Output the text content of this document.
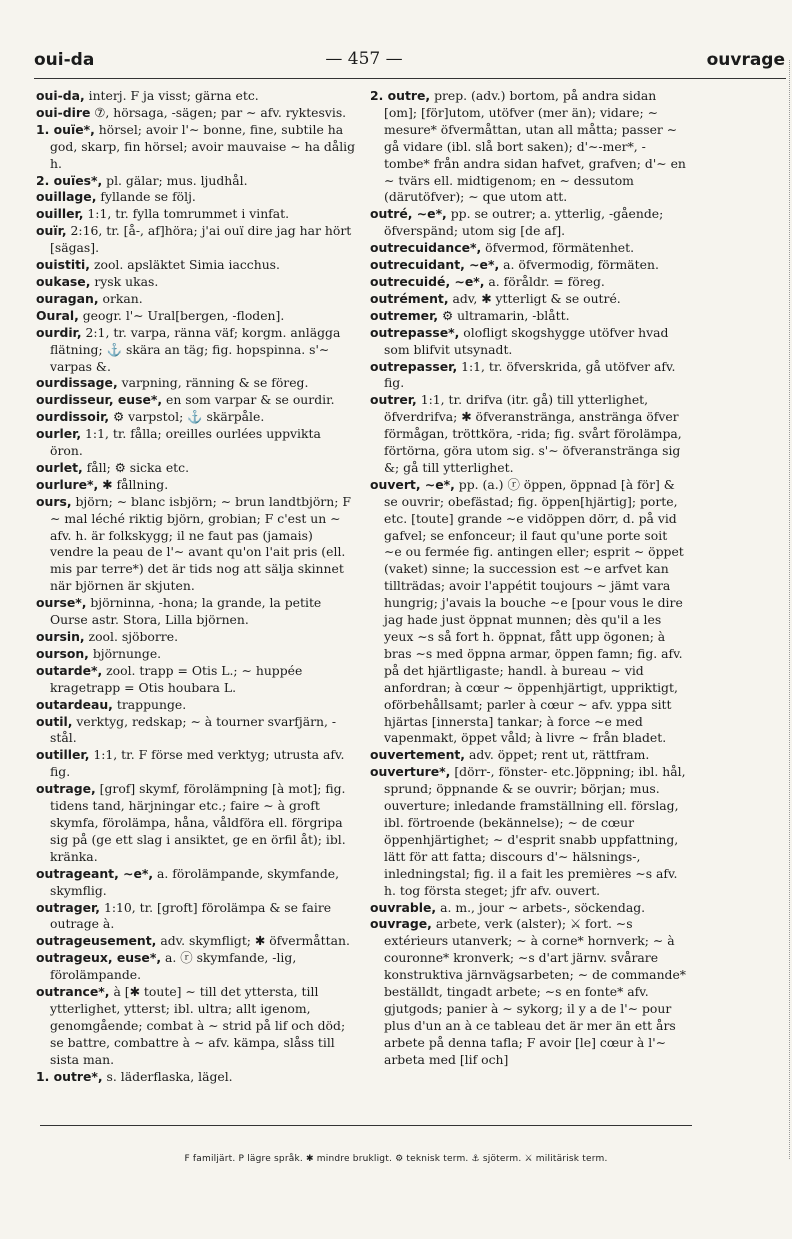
oui-da	— 457 —	ouvrage

oui-da, interj. F ja visst; gärna etc.

oui-dire ⑦, hörsaga, -sägen; par ∼ afv. ryktesvis.

1. ouïe*, hörsel; avoir l'∼ bonne, fine, subtile ha god, skarp, fin hörsel; avoir mauvaise ∼ ha dålig h.

2. ouïes*, pl. gälar; mus. ljudhål.

ouillage, fyllande se följ.

ouiller, 1:1, tr. fylla tomrummet i vinfat.

ouïr, 2:16, tr. [å-, af]höra; j'ai ouï dire jag har hört [sägas].

ouistiti, zool. apsläktet Simia iacchus.

oukase, rysk ukas.

ouragan, orkan.

Oural, geogr. l'∼ Ural[bergen, -floden].

ourdir, 2:1, tr. varpa, ränna väf; korgm. anlägga flätning; ⚓ skära an täg; fig. hopspinna. s'∼ varpas &.

ourdissage, varpning, ränning & se föreg.

ourdisseur, euse*, en som varpar & se ourdir.

ourdissoir, ⚙ varpstol; ⚓ skärpåle.

ourler, 1:1, tr. fålla; oreilles ourlées uppvikta öron.

ourlet, fåll; ⚙ sicka etc.

ourlure*, ✱ fållning.

ours, björn; ∼ blanc isbjörn; ∼ brun landtbjörn; F ∼ mal léché riktig björn, grobian; F c'est un ∼ afv. h. är folkskygg; il ne faut pas (jamais) vendre la peau de l'∼ avant qu'on l'ait pris (ell. mis par terre*) det är tids nog att sälja skinnet när björnen är skjuten.

ourse*, björninna, -hona; la grande, la petite Ourse astr. Stora, Lilla björnen.

oursin, zool. sjöborre.

ourson, björnunge.

outarde*, zool. trapp = Otis L.; ∼ huppée kragetrapp = Otis houbara L.

outardeau, trappunge.

outil, verktyg, redskap; ∼ à tourner svarfjärn, -stål.

outiller, 1:1, tr. F förse med verktyg; utrusta afv. fig.

outrage, [grof] skymf, förolämpning [à mot]; fig. tidens tand, härjningar etc.; faire ∼ à groft skymfa, förolämpa, håna, våldföra ell. förgripa sig på (ge ett slag i ansiktet, ge en örfil åt); ibl. kränka.

outrageant, ∼e*, a. förolämpande, skymfande, skymflig.

outrager, 1:10, tr. [groft] förolämpa & se faire outrage à.

outrageusement, adv. skymfligt; ✱ öfvermåttan.

outrageux, euse*, a. ⓡ skymfande, -lig, förolämpande.

outrance*, à [✱ toute] ∼ till det yttersta, till ytterlighet, ytterst; ibl. ultra; allt igenom, genomgående; combat à ∼ strid på lif och död; se battre, combattre à ∼ afv. kämpa, slåss till sista man.

1. outre*, s. läderflaska, lägel.

2. outre, prep. (adv.) bortom, på andra sidan [om]; [för]utom, utöfver (mer än); vidare; ∼ mesure* öfvermåttan, utan all måtta; passer ∼ gå vidare (ibl. slå bort saken); d'∼-mer*, -tombe* från andra sidan hafvet, grafven; d'∼ en ∼ tvärs ell. midtigenom; en ∼ dessutom (därutöfver); ∼ que utom att.

outré, ∼e*, pp. se outrer; a. ytterlig, -gående; öfverspänd; utom sig [de af].

outrecuidance*, öfvermod, förmätenhet.

outrecuidant, ∼e*, a. öfvermodig, förmäten.

outrecuidé, ∼e*, a. föråldr. = föreg.

outrément, adv, ✱ ytterligt & se outré.

outremer, ⚙ ultramarin, -blått.

outrepasse*, olofligt skogshygge utöfver hvad som blifvit utsynadt.

outrepasser, 1:1, tr. öfverskrida, gå utöfver afv. fig.

outrer, 1:1, tr. drifva (itr. gå) till ytterlighet, öfverdrifva; ✱ öfveranstränga, anstränga öfver förmågan, tröttköra, -rida; fig. svårt förolämpa, förtörna, göra utom sig. s'∼ öfveranstränga sig &; gå till ytterlighet.

ouvert, ∼e*, pp. (a.) ⓡ öppen, öppnad [à för] & se ouvrir; obefästad; fig. öppen[hjärtig]; porte, etc. [toute] grande ∼e vidöppen dörr, d. på vid gafvel; se enfonceur; il faut qu'une porte soit ∼e ou fermée fig. antingen eller; esprit ∼ öppet (vaket) sinne; la succession est ∼e arfvet kan tillträdas; avoir l'appétit toujours ∼ jämt vara hungrig; j'avais la bouche ∼e [pour vous le dire jag hade just öppnat munnen; dès qu'il a les yeux ∼s så fort h. öppnat, fått upp ögonen; à bras ∼s med öppna armar, öppen famn; fig. afv. på det hjärtligaste; handl. à bureau ∼ vid anfordran; à cœur ∼ öppenhjärtigt, uppriktigt, oförbehållsamt; parler à cœur ∼ afv. yppa sitt hjärtas [innersta] tankar; à force ∼e med vapenmakt, öppet våld; à livre ∼ från bladet.

ouvertement, adv. öppet; rent ut, rättfram.

ouverture*, [dörr-, fönster- etc.]öppning; ibl. hål, sprund; öppnande & se ouvrir; början; mus. ouverture; inledande framställning ell. förslag, ibl. förtroende (bekännelse); ∼ de cœur öppenhjärtighet; ∼ d'esprit snabb uppfattning, lätt för att fatta; discours d'∼ hälsnings-, inledningstal; fig. il a fait les premières ∼s afv. h. tog första steget; jfr afv. ouvert.

ouvrable, a. m., jour ∼ arbets-, söckendag.

ouvrage, arbete, verk (alster); ⚔ fort. ∼s extérieurs utanverk; ∼ à corne* hornverk; ∼ à couronne* kronverk; ∼s d'art järnv. svårare konstruktiva järnvägsarbeten; ∼ de commande* beställdt, tingadt arbete; ∼s en fonte* afv. gjutgods; panier à ∼ sykorg; il y a de l'∼ pour plus d'un an à ce tableau det är mer än ett års arbete på denna tafla; F avoir [le] cœur à l'∼ arbeta med [lif och]

F familjärt. P lägre språk. ✱ mindre brukligt. ⚙ teknisk term. ⚓ sjöterm. ⚔ militärisk term.
